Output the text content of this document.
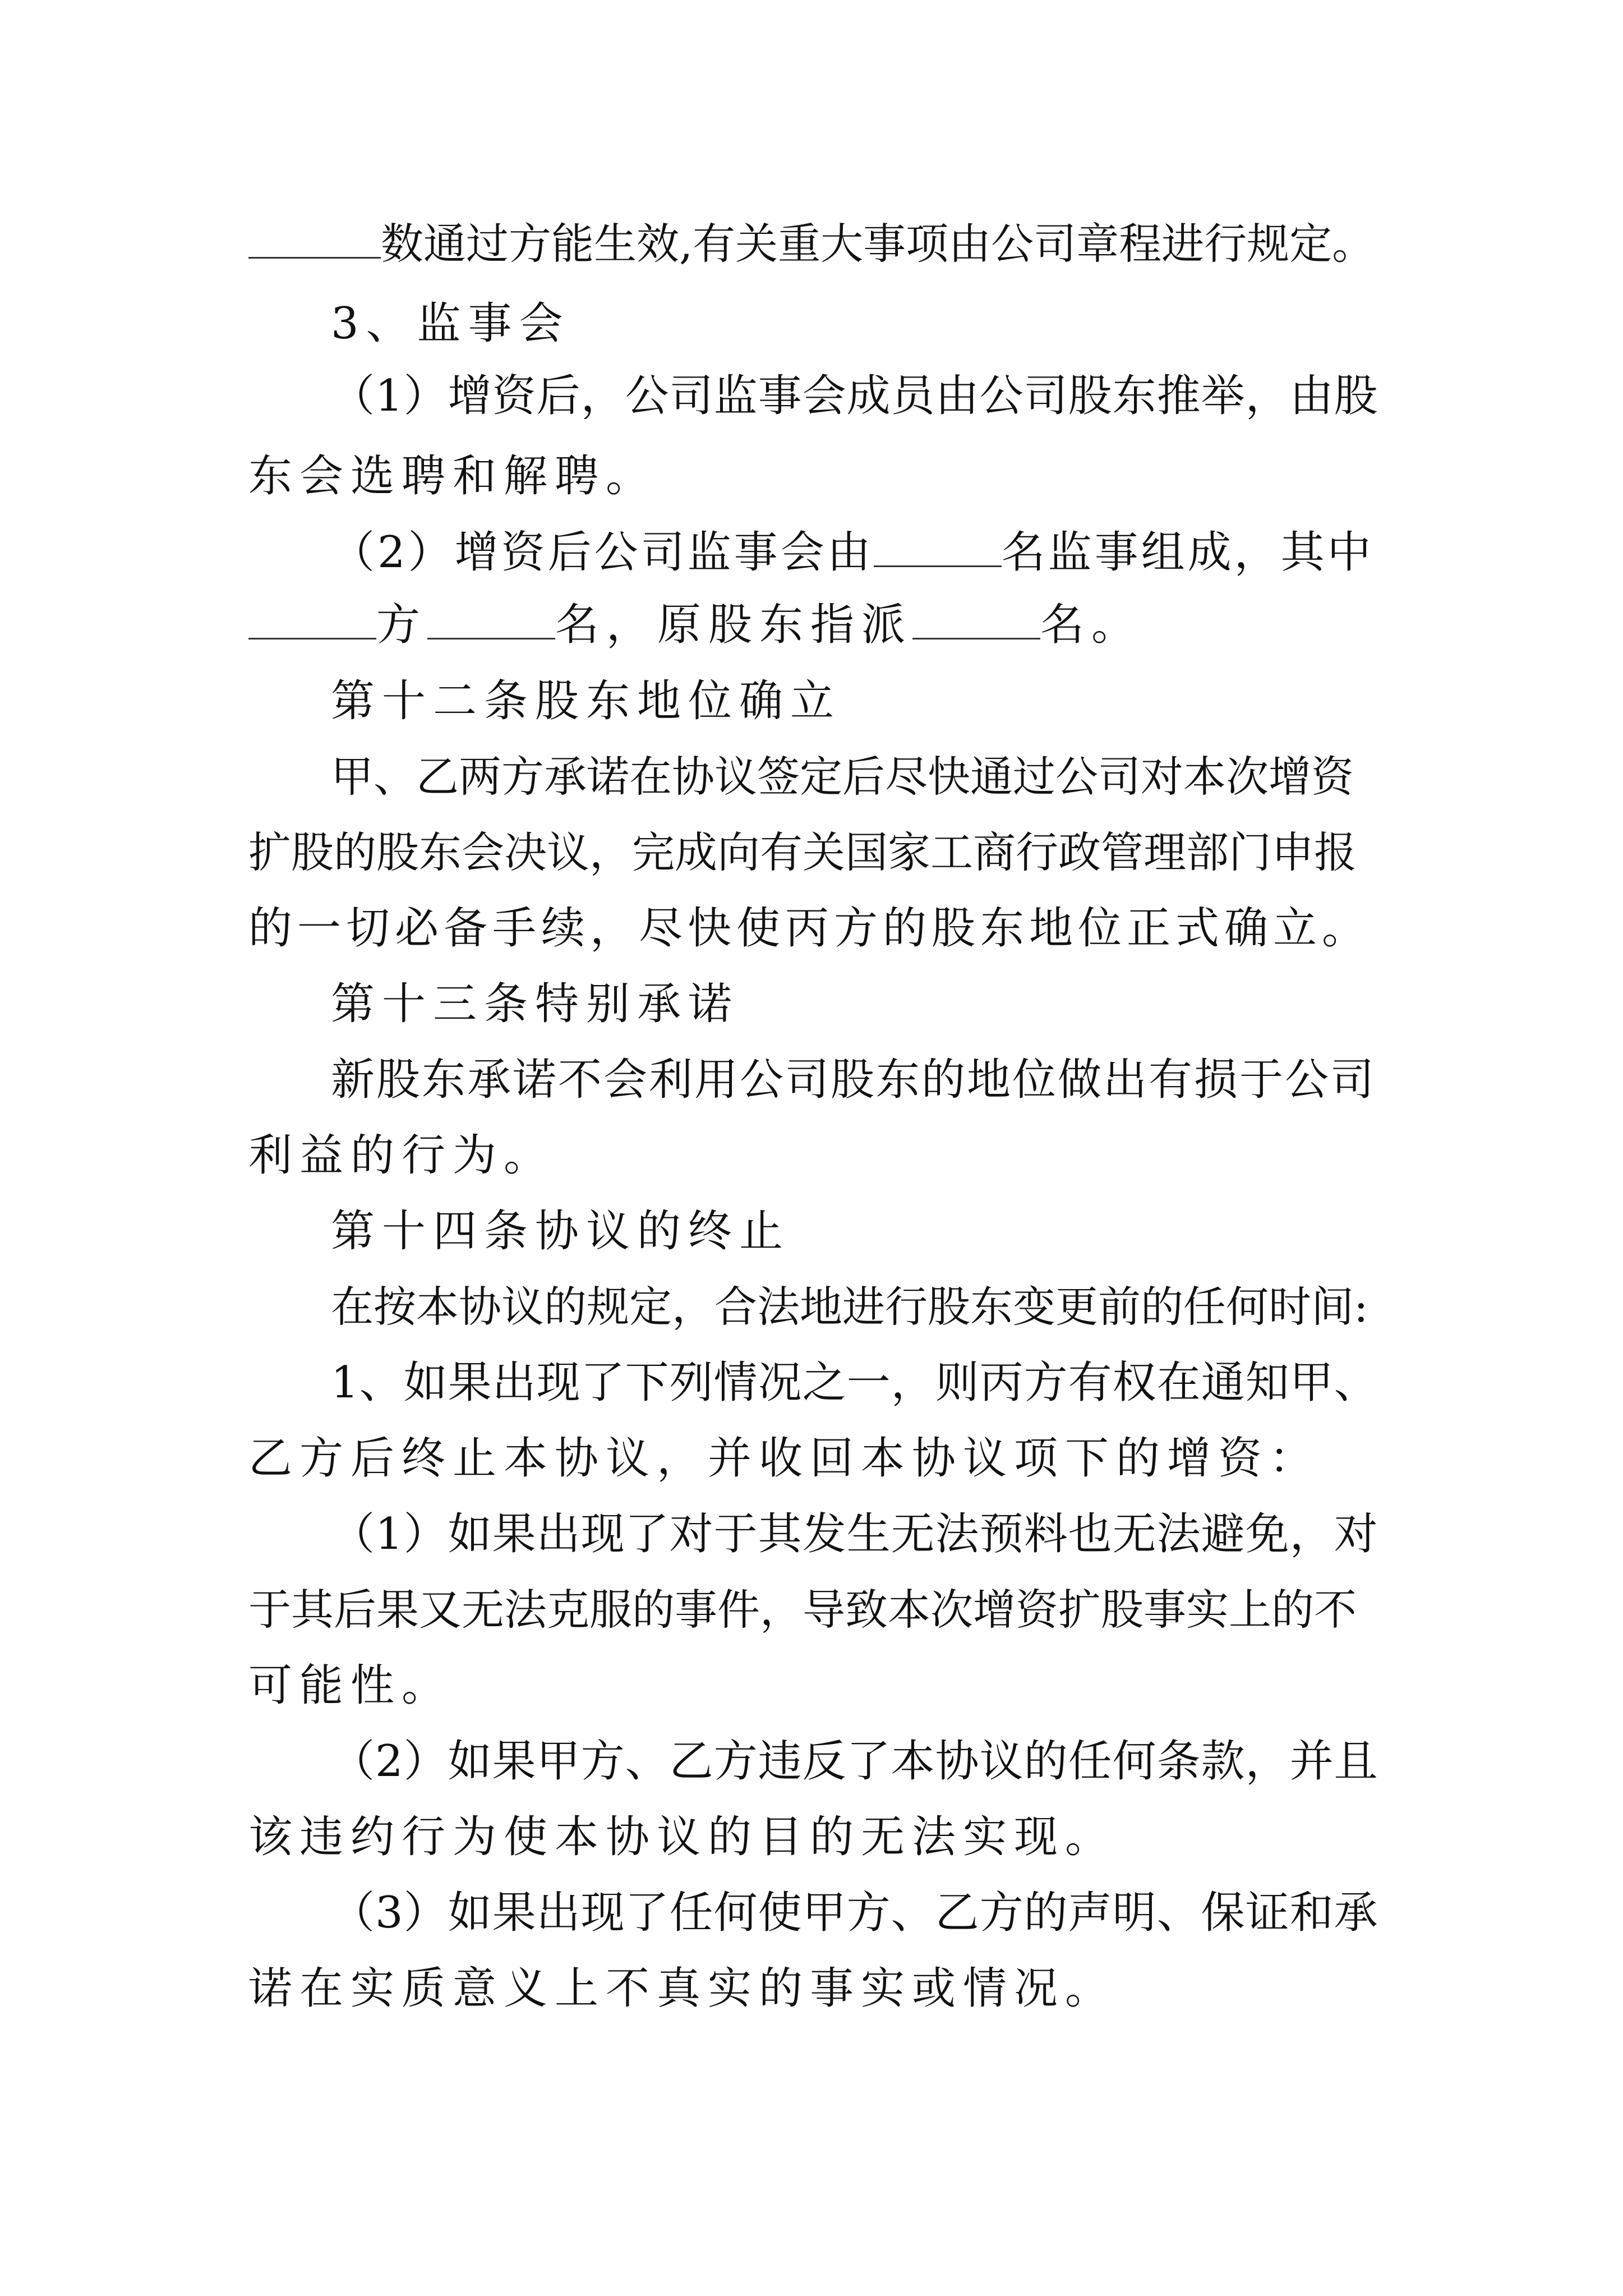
数通过方能生效,有关重大事项由公司章程进行规定。
3、监事会
（1）增资后，公司监事会成员由公司股东推举，由股
东会选聘和解聘。
（2）增资后公司监事会由	名监事组成，其中
方	名，原股东指派	名。
第十二条股东地位确立
甲、乙两方承诺在协议签定后尽快通过公司对本次增资
扩股的股东会决议，完成向有关国家工商行政管理部门申报
的一切必备手续，尽快使丙方的股东地位正式确立。
第十三条特别承诺
新股东承诺不会利用公司股东的地位做出有损于公司
利益的行为。
第十四条协议的终止
在按本协议的规定，合法地进行股东变更前的任何时间:
1、如果出现了下列情况之一，则丙方有权在通知甲、
乙方后终止本协议，并收回本协议项下的增资：
（1）如果出现了对于其发生无法预料也无法避免，对
于其后果又无法克服的事件，导致本次增资扩股事实上的不
可能性。
（2）如果甲方、乙方违反了本协议的任何条款，并且
该违约行为使本协议的目的无法实现。
（3）如果出现了任何使甲方、乙方的声明、保证和承
诺在实质意义上不真实的事实或情况。
